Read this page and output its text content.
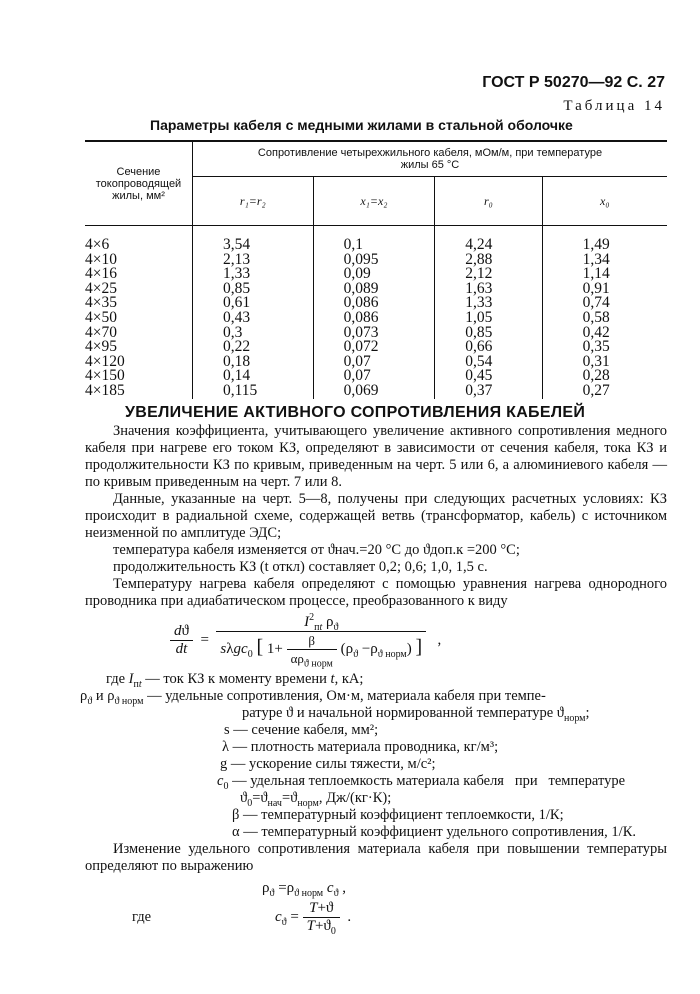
ГОСТ Р 50270—92 С. 27
Таблица 14
Параметры кабеля с медными жилами в стальной оболочке
Сечение токопроводящей жилы, мм²	Сопротивление четырехжильного кабеля, мОм/м, при температуре жилы 65 °С			
	r₁=r₂	x₁=x₂	r₀	x₀
4×6	3,54	0,1	4,24	1,49
4×10	2,13	0,095	2,88	1,34
4×16	1,33	0,09	2,12	1,14
4×25	0,85	0,089	1,63	0,91
4×35	0,61	0,086	1,33	0,74
4×50	0,43	0,086	1,05	0,58
4×70	0,3	0,073	0,85	0,42
4×95	0,22	0,072	0,66	0,35
4×120	0,18	0,07	0,54	0,31
4×150	0,14	0,07	0,45	0,28
4×185	0,115	0,069	0,37	0,27
УВЕЛИЧЕНИЕ АКТИВНОГО СОПРОТИВЛЕНИЯ КАБЕЛЕЙ

Значения коэффициента, учитывающего увеличение активного сопротивления медного кабеля при нагреве его током КЗ, определяют в зависимости от сечения кабеля, тока КЗ и продолжительности КЗ по кривым, приведенным на черт. 5 или 6, а алюминиевого кабеля — по кривым приведенным на черт. 7 или 8.

Данные, указанные на черт. 5—8, получены при следующих расчетных условиях: КЗ происходит в радиальной схеме, содержащей ветвь (трансформатор, кабель) с источником неизменной по амплитуде ЭДС;

температура кабеля изменяется от ϑнач.=20 °С до ϑдоп.к =200 °С;

продолжительность КЗ (t откл) составляет 0,2; 0,6; 1,0, 1,5 с.

Температуру нагрева кабеля определяют с помощью уравнения нагрева однородного проводника при адиабатическом процессе, преобразованного к виду

$\frac{dϑ}{dt} = \frac{I^2_{пt} \rho_ϑ}{s\lambda gc_0 [ 1+ \frac{\beta}{\alpha\rho_{ϑ норм}} (\rho_ϑ -\rho_{ϑ норм}) ]}$ ,
где $I_{пt}$ — ток КЗ к моменту времени t, кА;
$\rho_ϑ$ и $\rho_{ϑ норм}$ — удельные сопротивления, Ом·м, материала кабеля при темпе-
ратуре ϑ и начальной нормированной температуре $ϑ_{норм}$;
s — сечение кабеля, мм²;
λ — плотность материала проводника, кг/м³;
g — ускорение силы тяжести, м/с²;
$c_0$ — удельная теплоемкость материала кабеля   при   температуре
$ϑ_0=ϑ_{нач}=ϑ_{норм}$, Дж/(кг·К);
β — температурный коэффициент теплоемкости, 1/К;
α — температурный коэффициент удельного сопротивления, 1/К.

Изменение удельного сопротивления материала кабеля при повышении температуры определяют по выражению

$\rho_ϑ =\rho_{ϑ норм}$ $c_ϑ$ ,
где	$c_ϑ = \frac{T+ϑ}{T+ϑ_0}$ .
